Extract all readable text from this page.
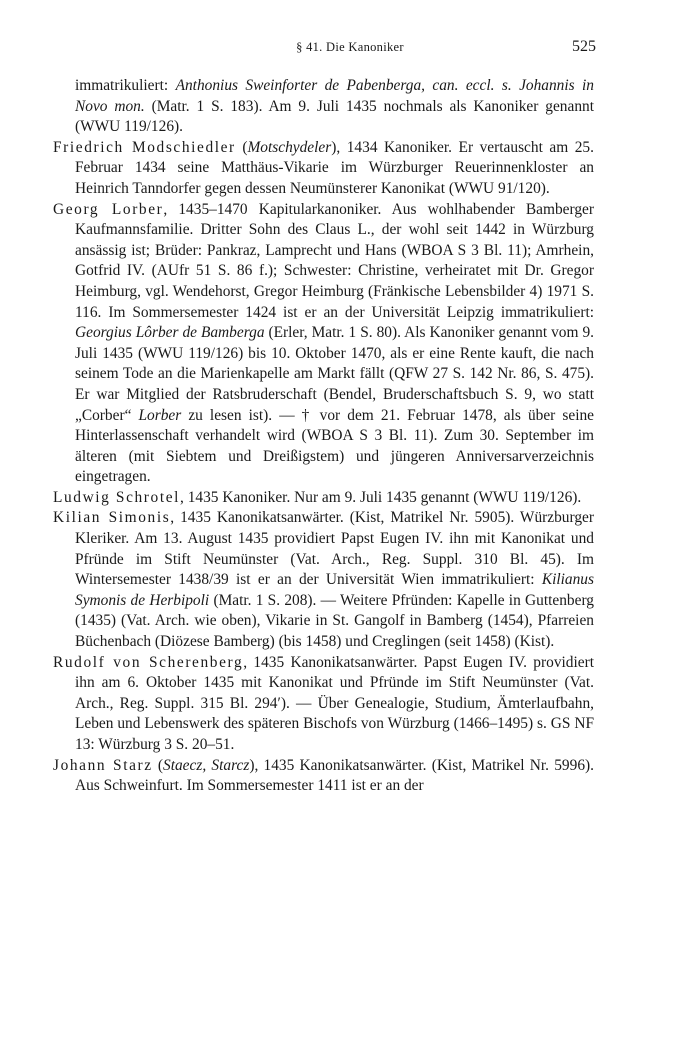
§ 41. Die Kanoniker	525

immatrikuliert: Anthonius Sweinforter de Pabenberga, can. eccl. s. Johannis in Novo mon. (Matr. 1 S. 183). Am 9. Juli 1435 nochmals als Kanoniker genannt (WWU 119/126).

Friedrich Modschiedler (Motschydeler), 1434 Kanoniker. Er vertauscht am 25. Februar 1434 seine Matthäus-Vikarie im Würzburger Reuerinnenkloster an Heinrich Tanndorfer gegen dessen Neumünsterer Kanonikat (WWU 91/120).

Georg Lorber, 1435–1470 Kapitularkanoniker. Aus wohlhabender Bamberger Kaufmannsfamilie. Dritter Sohn des Claus L., der wohl seit 1442 in Würzburg ansässig ist; Brüder: Pankraz, Lamprecht und Hans (WBOA S 3 Bl. 11); Amrhein, Gotfrid IV. (AUfr 51 S. 86 f.); Schwester: Christine, verheiratet mit Dr. Gregor Heimburg, vgl. Wendehorst, Gregor Heimburg (Fränkische Lebensbilder 4) 1971 S. 116. Im Sommersemester 1424 ist er an der Universität Leipzig immatrikuliert: Georgius Lôrber de Bamberga (Erler, Matr. 1 S. 80). Als Kanoniker genannt vom 9. Juli 1435 (WWU 119/126) bis 10. Oktober 1470, als er eine Rente kauft, die nach seinem Tode an die Marienkapelle am Markt fällt (QFW 27 S. 142 Nr. 86, S. 475). Er war Mitglied der Ratsbruderschaft (Bendel, Bruderschaftsbuch S. 9, wo statt „Corber“ Lorber zu lesen ist). — † vor dem 21. Februar 1478, als über seine Hinterlassenschaft verhandelt wird (WBOA S 3 Bl. 11). Zum 30. September im älteren (mit Siebtem und Dreißigstem) und jüngeren Anniversarverzeichnis eingetragen.

Ludwig Schrotel, 1435 Kanoniker. Nur am 9. Juli 1435 genannt (WWU 119/126).

Kilian Simonis, 1435 Kanonikatsanwärter. (Kist, Matrikel Nr. 5905). Würzburger Kleriker. Am 13. August 1435 providiert Papst Eugen IV. ihn mit Kanonikat und Pfründe im Stift Neumünster (Vat. Arch., Reg. Suppl. 310 Bl. 45). Im Wintersemester 1438/39 ist er an der Universität Wien immatrikuliert: Kilianus Symonis de Herbipoli (Matr. 1 S. 208). — Weitere Pfründen: Kapelle in Guttenberg (1435) (Vat. Arch. wie oben), Vikarie in St. Gangolf in Bamberg (1454), Pfarreien Büchenbach (Diözese Bamberg) (bis 1458) und Creglingen (seit 1458) (Kist).

Rudolf von Scherenberg, 1435 Kanonikatsanwärter. Papst Eugen IV. providiert ihn am 6. Oktober 1435 mit Kanonikat und Pfründe im Stift Neumünster (Vat. Arch., Reg. Suppl. 315 Bl. 294′). — Über Genealogie, Studium, Ämterlaufbahn, Leben und Lebenswerk des späteren Bischofs von Würzburg (1466–1495) s. GS NF 13: Würzburg 3 S. 20–51.

Johann Starz (Staecz, Starcz), 1435 Kanonikatsanwärter. (Kist, Matrikel Nr. 5996). Aus Schweinfurt. Im Sommersemester 1411 ist er an der
